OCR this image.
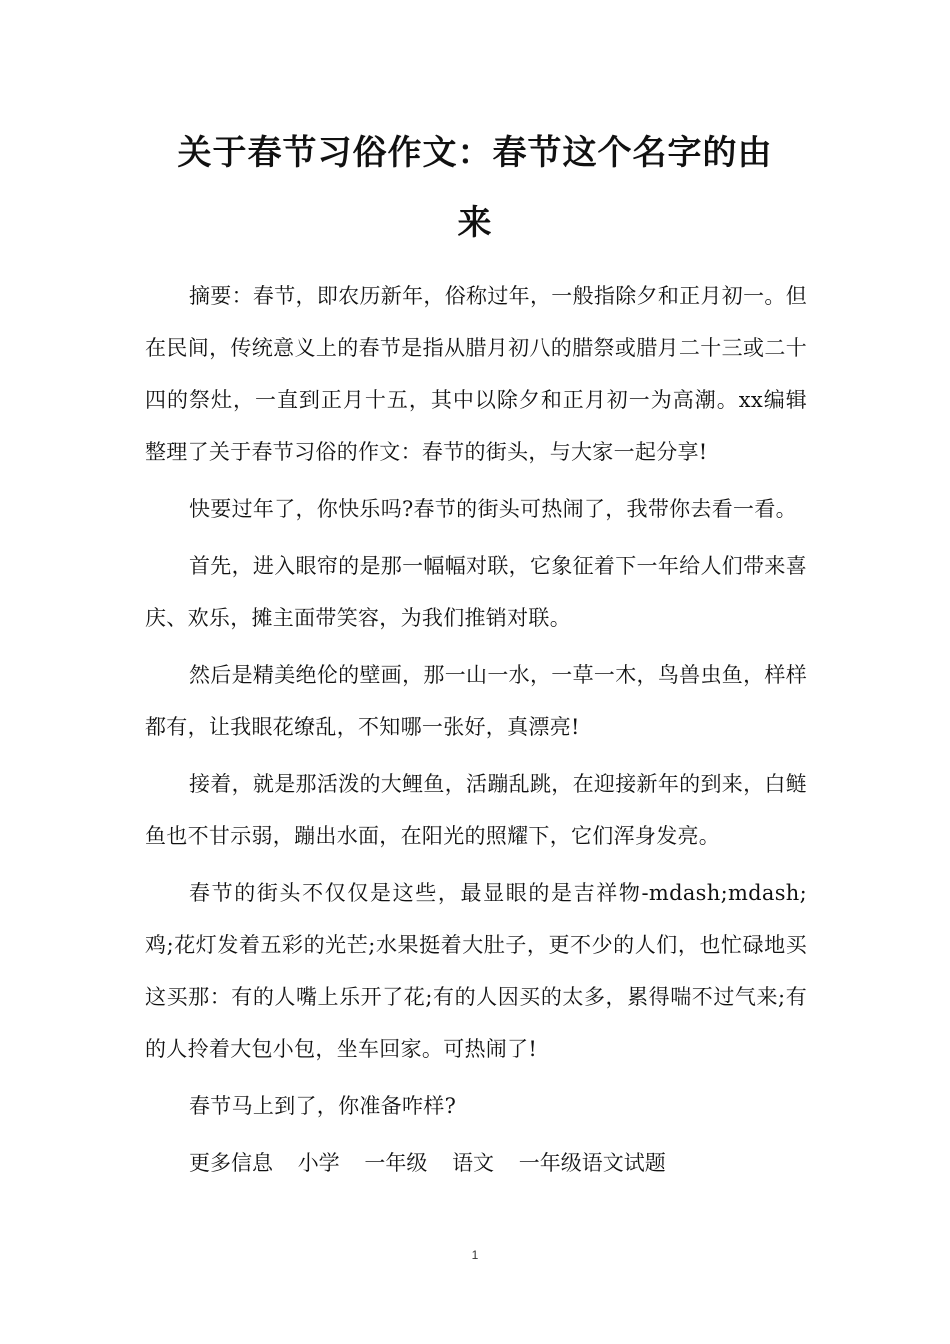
关于春节习俗作文：春节这个名字的由
来

摘要：春节，即农历新年，俗称过年，一般指除夕和正月初一。但在民间，传统意义上的春节是指从腊月初八的腊祭或腊月二十三或二十四的祭灶，一直到正月十五，其中以除夕和正月初一为高潮。xx编辑整理了关于春节习俗的作文：春节的街头，与大家一起分享!

快要过年了，你快乐吗?春节的街头可热闹了，我带你去看一看。

首先，进入眼帘的是那一幅幅对联，它象征着下一年给人们带来喜庆、欢乐，摊主面带笑容，为我们推销对联。

然后是精美绝伦的壁画，那一山一水，一草一木，鸟兽虫鱼，样样都有，让我眼花缭乱，不知哪一张好，真漂亮!

接着，就是那活泼的大鲤鱼，活蹦乱跳，在迎接新年的到来，白鲢鱼也不甘示弱，蹦出水面，在阳光的照耀下，它们浑身发亮。

春节的街头不仅仅是这些，最显眼的是吉祥物-mdash;mdash;鸡;花灯发着五彩的光芒;水果挺着大肚子，更不少的人们，也忙碌地买这买那：有的人嘴上乐开了花;有的人因买的太多，累得喘不过气来;有的人拎着大包小包，坐车回家。可热闹了!

春节马上到了，你准备咋样?

更多信息 小学 一年级 语文 一年级语文试题

1
